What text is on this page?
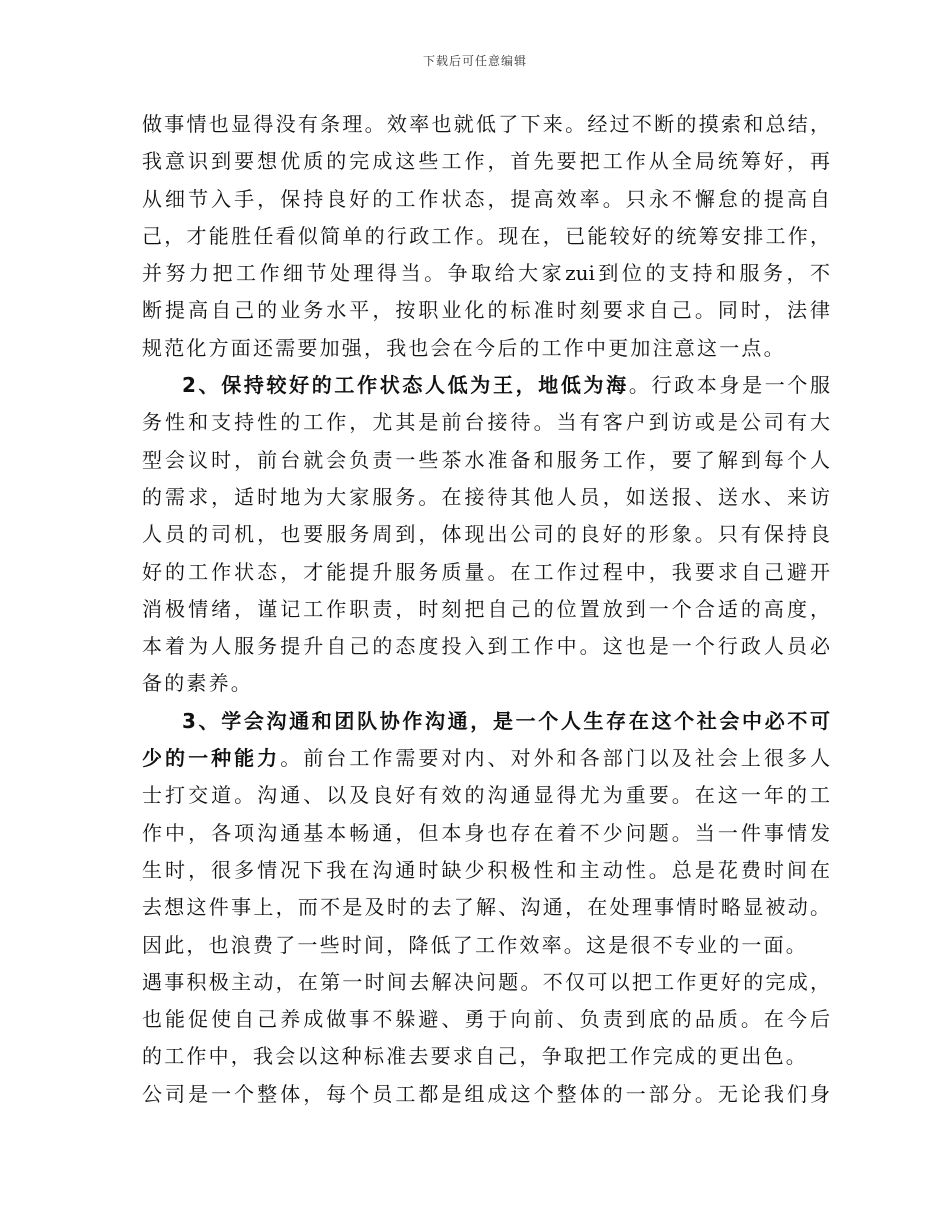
下载后可任意编辑
做事情也显得没有条理。效率也就低了下来。经过不断的摸索和总结，
我意识到要想优质的完成这些工作，首先要把工作从全局统筹好，再
从细节入手，保持良好的工作状态，提高效率。只永不懈怠的提高自
己，才能胜任看似简单的行政工作。现在，已能较好的统筹安排工作，
并努力把工作细节处理得当。争取给大家zui到位的支持和服务，不
断提高自己的业务水平，按职业化的标准时刻要求自己。同时，法律
规范化方面还需要加强，我也会在今后的工作中更加注意这一点。
2、保持较好的工作状态人低为王，地低为海。行政本身是一个服
务性和支持性的工作，尤其是前台接待。当有客户到访或是公司有大
型会议时，前台就会负责一些茶水准备和服务工作，要了解到每个人
的需求，适时地为大家服务。在接待其他人员，如送报、送水、来访
人员的司机，也要服务周到，体现出公司的良好的形象。只有保持良
好的工作状态，才能提升服务质量。在工作过程中，我要求自己避开
消极情绪，谨记工作职责，时刻把自己的位置放到一个合适的高度，
本着为人服务提升自己的态度投入到工作中。这也是一个行政人员必
备的素养。
3、学会沟通和团队协作沟通，是一个人生存在这个社会中必不可
少的一种能力。前台工作需要对内、对外和各部门以及社会上很多人
士打交道。沟通、以及良好有效的沟通显得尤为重要。在这一年的工
作中，各项沟通基本畅通，但本身也存在着不少问题。当一件事情发
生时，很多情况下我在沟通时缺少积极性和主动性。总是花费时间在
去想这件事上，而不是及时的去了解、沟通，在处理事情时略显被动。
因此，也浪费了一些时间，降低了工作效率。这是很不专业的一面。
遇事积极主动，在第一时间去解决问题。不仅可以把工作更好的完成，
也能促使自己养成做事不躲避、勇于向前、负责到底的品质。在今后
的工作中，我会以这种标准去要求自己，争取把工作完成的更出色。
公司是一个整体，每个员工都是组成这个整体的一部分。无论我们身
